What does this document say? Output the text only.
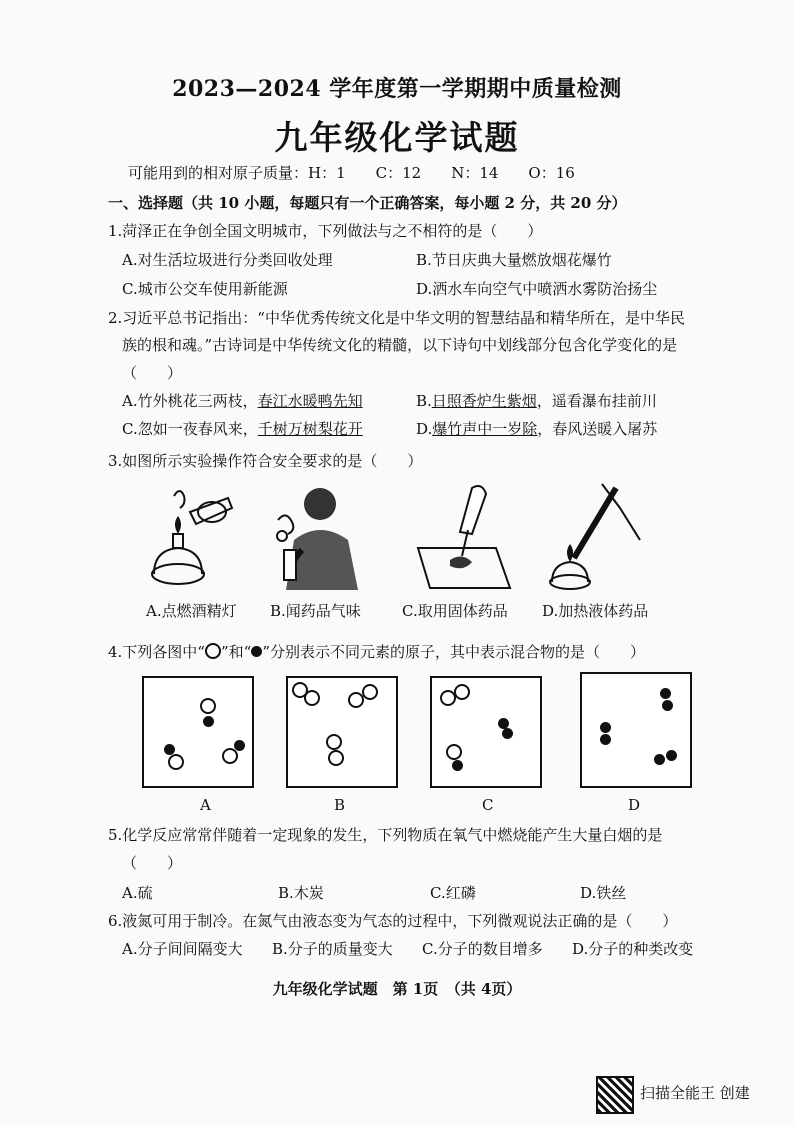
2023—2024 学年度第一学期期中质量检测
九年级化学试题
可能用到的相对原子质量：H：1　　C：12　　N：14　　O：16
一、选择题（共 10 小题，每题只有一个正确答案，每小题 2 分，共 20 分）
1.菏泽正在争创全国文明城市，下列做法与之不相符的是（　　）
A.对生活垃圾进行分类回收处理	B.节日庆典大量燃放烟花爆竹
C.城市公交车使用新能源	D.洒水车向空气中喷洒水雾防治扬尘
2.习近平总书记指出：“中华优秀传统文化是中华文明的智慧结晶和精华所在，是中华民
族的根和魂。”古诗词是中华传统文化的精髓，以下诗句中划线部分包含化学变化的是
（　　）
A.竹外桃花三两枝，春江水暖鸭先知	B.日照香炉生紫烟，遥看瀑布挂前川
C.忽如一夜春风来，千树万树梨花开	D.爆竹声中一岁除，春风送暖入屠苏
3.如图所示实验操作符合安全要求的是（　　）
A.点燃酒精灯 B.闻药品气味	C.取用固体药品 D.加热液体药品
4.下列各图中“ ”和“ ”分别表示不同元素的原子，其中表示混合物的是（　　）
A	B	C	D
5.化学反应常常伴随着一定现象的发生，下列物质在氧气中燃烧能产生大量白烟的是
（　　）
A.硫	B.木炭	C.红磷	D.铁丝
6.液氮可用于制冷。在氮气由液态变为气态的过程中，下列微观说法正确的是（　　）
A.分子间间隔变大 B.分子的质量变大 C.分子的数目增多 D.分子的种类改变
九年级化学试题　第 1页　（共 4页）
扫描全能王 创建
